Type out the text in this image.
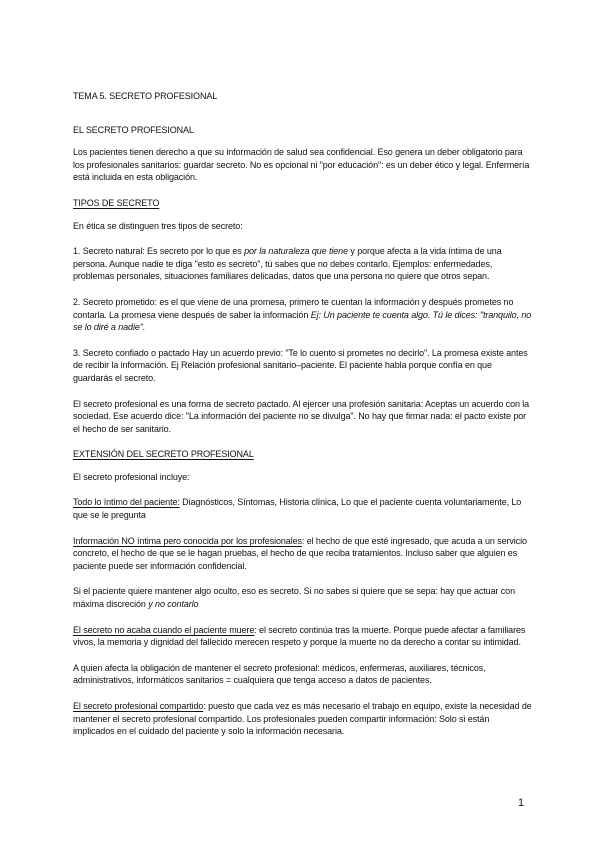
TEMA 5. SECRETO PROFESIONAL

EL SECRETO PROFESIONAL

Los pacientes tienen derecho a que su información de salud sea confidencial. Eso genera un deber obligatorio para los profesionales sanitarios: guardar secreto. No es opcional ni "por educación": es un deber ético y legal. Enfermería está incluida en esta obligación.

TIPOS DE SECRETO

En ética se distinguen tres tipos de secreto:

1. Secreto natural: Es secreto por lo que es por la naturaleza que tiene y porque afecta a la vida íntima de una persona. Aunque nadie te diga "esto es secreto", tú sabes que no debes contarlo. Ejemplos: enfermedades, problemas personales, situaciones familiares delicadas, datos que una persona no quiere que otros sepan.

2. Secreto prometido: es el que viene de una promesa, primero te cuentan la información y después prometes no contarla. La promesa viene después de saber la información Ej: Un paciente te cuenta algo. Tú le dices: "tranquilo, no se lo diré a nadie".

3. Secreto confiado o pactado Hay un acuerdo previo: "Te lo cuento si prometes no decirlo". La promesa existe antes de recibir la información. Ej Relación profesional sanitario–paciente. El paciente habla porque confía en que guardarás el secreto.

El secreto profesional es una forma de secreto pactado. Al ejercer una profesión sanitaria: Aceptas un acuerdo con la sociedad. Ese acuerdo dice: "La información del paciente no se divulga". No hay que firmar nada: el pacto existe por el hecho de ser sanitario.

EXTENSIÓN DEL SECRETO PROFESIONAL

El secreto profesional incluye:

Todo lo íntimo del paciente: Diagnósticos, Síntomas, Historia clínica, Lo que el paciente cuenta voluntariamente, Lo que se le pregunta

Información NO íntima pero conocida por los profesionales: el hecho de que esté ingresado, que acuda a un servicio concreto, el hecho de que se le hagan pruebas, el hecho de que reciba tratamientos. Incluso saber que alguien es paciente puede ser información confidencial.

Si el paciente quiere mantener algo oculto, eso es secreto. Si no sabes si quiere que se sepa: hay que actuar con máxima discreción y no contarlo

El secreto no acaba cuando el paciente muere: el secreto continúa tras la muerte. Porque puede afectar a familiares vivos, la memoria y dignidad del fallecido merecen respeto y porque la muerte no da derecho a contar su intimidad.

A quien afecta la obligación de mantener el secreto profesional: médicos, enfermeras, auxiliares, técnicos, administrativos, informáticos sanitarios = cualquiera que tenga acceso a datos de pacientes.

El secreto profesional compartido: puesto que cada vez es más necesario el trabajo en equipo, existe la necesidad de mantener el secreto profesional compartido. Los profesionales pueden compartir información: Solo si están implicados en el cuidado del paciente y solo la información necesaria.

1
